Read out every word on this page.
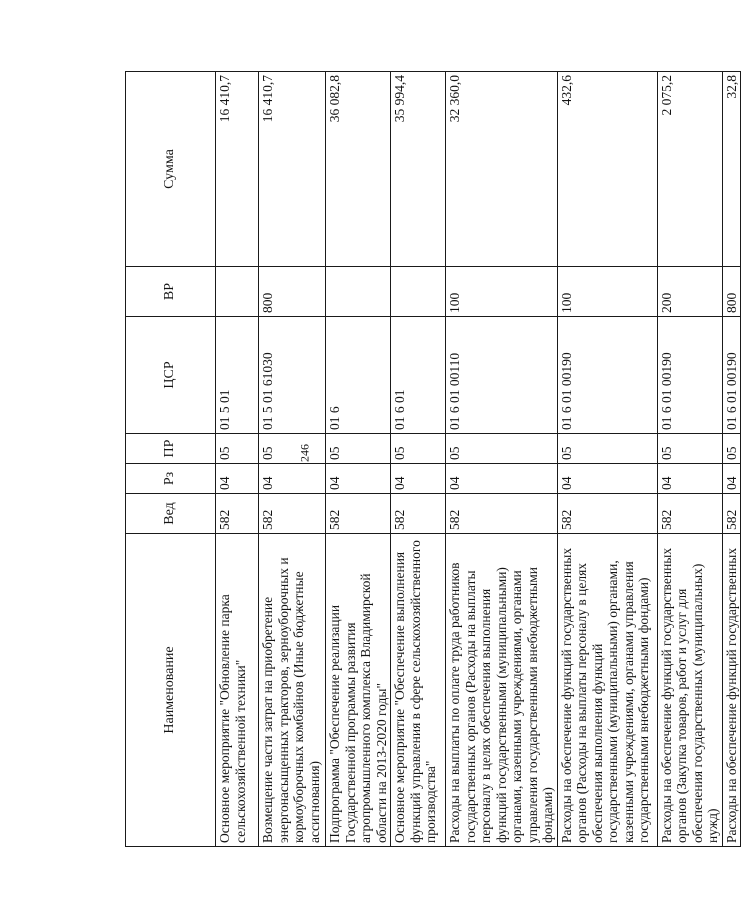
246
Наименование	Вед	Рз	ПР	ЦСР	ВР	Сумма
Основное мероприятие "Обновление парка сельскохозяйственной техники"	582	04	05	01 5 01		16 410,7
Возмещение части затрат на приобретение энергонасыщенных тракторов, зерноуборочных и кормоуборочных комбайнов (Иные бюджетные ассигнования)	582	04	05	01 5 01 61030	800	16 410,7
Подпрограмма "Обеспечение реализации Государственной программы развития агропромышленного комплекса Владимирской области на 2013-2020 годы"	582	04	05	01 6		36 082,8
Основное мероприятие "Обеспечение выполнения функций управления в сфере сельскохозяйственного производства"	582	04	05	01 6 01		35 994,4
Расходы на выплаты по оплате труда работников государственных органов (Расходы на выплаты персоналу в целях обеспечения выполнения функций государственными (муниципальными) органами, казенными учреждениями, органами управления государственными внебюджетными фондами)	582	04	05	01 6 01 00110	100	32 360,0
Расходы на обеспечение функций государственных органов (Расходы на выплаты персоналу в целях обеспечения выполнения функций государственными (муниципальными) органами, казенными учреждениями, органами управления государственными внебюджетными фондами)	582	04	05	01 6 01 00190	100	432,6
Расходы на обеспечение функций государственных органов (Закупка товаров, работ и услуг для обеспечения государственных (муниципальных) нужд)	582	04	05	01 6 01 00190	200	2 075,2
Расходы на обеспечение функций государственных	582	04	05	01 6 01 00190	800	32,8
